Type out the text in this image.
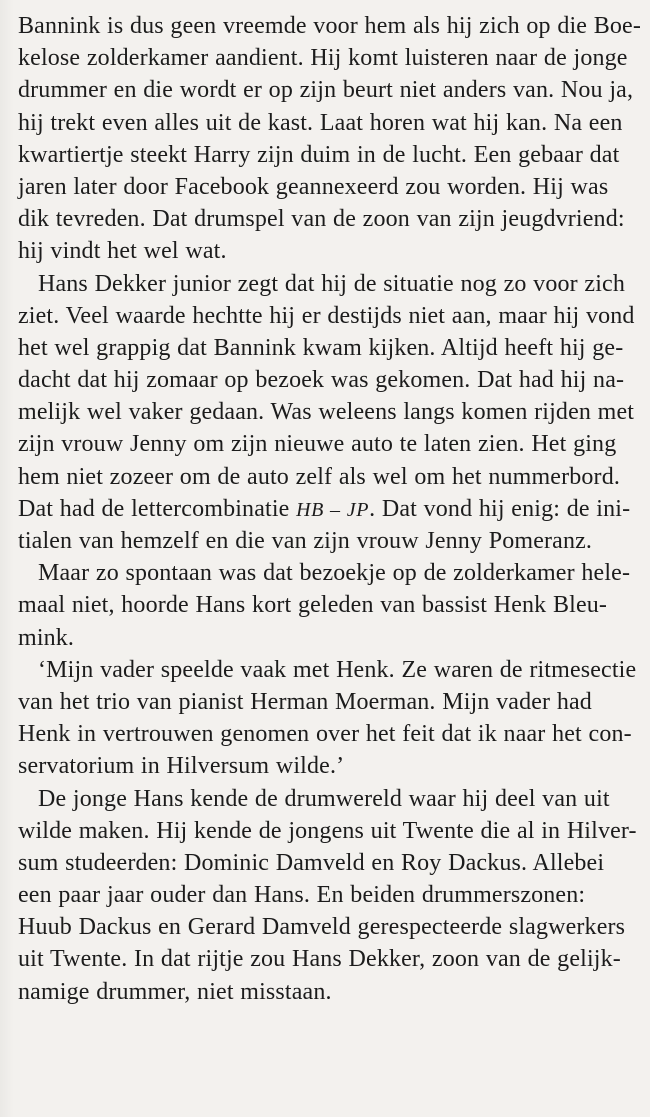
Bannink is dus geen vreemde voor hem als hij zich op die Boe-
kelose zolderkamer aandient. Hij komt luisteren naar de jonge
drummer en die wordt er op zijn beurt niet anders van. Nou ja,
hij trekt even alles uit de kast. Laat horen wat hij kan. Na een
kwartiertje steekt Harry zijn duim in de lucht. Een gebaar dat
jaren later door Facebook geannexeerd zou worden. Hij was
dik tevreden. Dat drumspel van de zoon van zijn jeugdvriend:
hij vindt het wel wat.
Hans Dekker junior zegt dat hij de situatie nog zo voor zich
ziet. Veel waarde hechtte hij er destijds niet aan, maar hij vond
het wel grappig dat Bannink kwam kijken. Altijd heeft hij ge-
dacht dat hij zomaar op bezoek was gekomen. Dat had hij na-
melijk wel vaker gedaan. Was weleens langs komen rijden met
zijn vrouw Jenny om zijn nieuwe auto te laten zien. Het ging
hem niet zozeer om de auto zelf als wel om het nummerbord.
Dat had de lettercombinatie HB – JP. Dat vond hij enig: de ini-
tialen van hemzelf en die van zijn vrouw Jenny Pomeranz.
Maar zo spontaan was dat bezoekje op de zolderkamer hele-
maal niet, hoorde Hans kort geleden van bassist Henk Bleu-
mink.
‘Mijn vader speelde vaak met Henk. Ze waren de ritmesectie
van het trio van pianist Herman Moerman. Mijn vader had
Henk in vertrouwen genomen over het feit dat ik naar het con-
servatorium in Hilversum wilde.’
De jonge Hans kende de drumwereld waar hij deel van uit
wilde maken. Hij kende de jongens uit Twente die al in Hilver-
sum studeerden: Dominic Damveld en Roy Dackus. Allebei
een paar jaar ouder dan Hans. En beiden drummerszonen:
Huub Dackus en Gerard Damveld gerespecteerde slagwerkers
uit Twente. In dat rijtje zou Hans Dekker, zoon van de gelijk-
namige drummer, niet misstaan.
